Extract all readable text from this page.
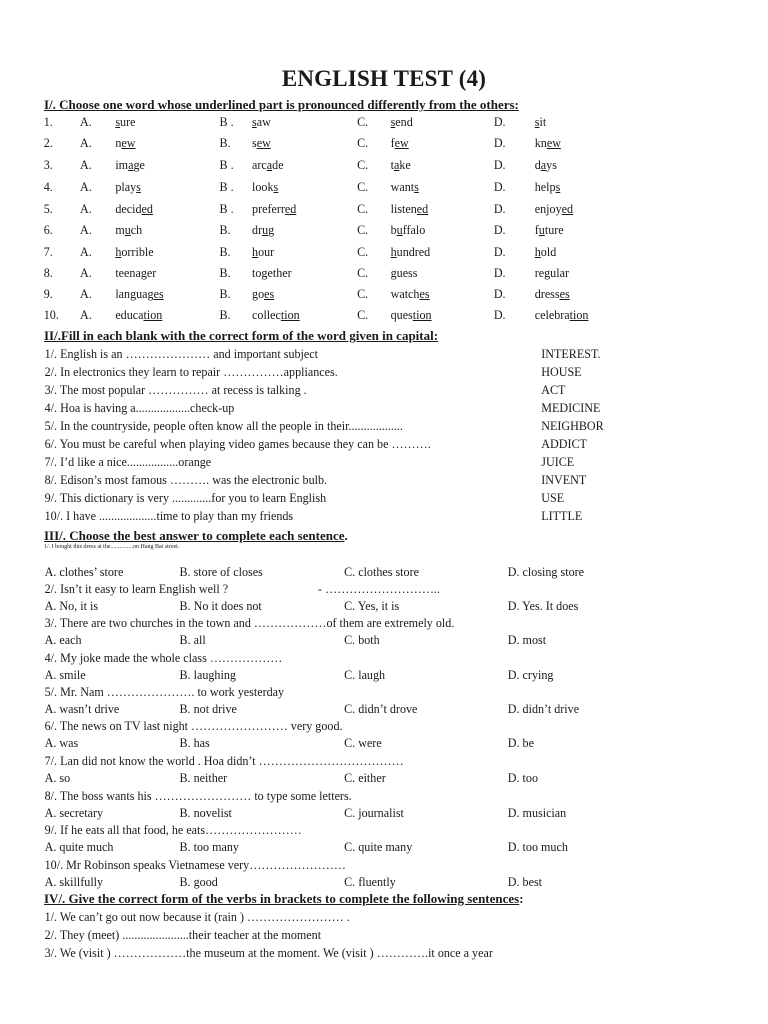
ENGLISH TEST (4)
I/. Choose one word whose underlined part is pronounced differently from the others:
1. A. sure	B . saw	C. send	D. sit
2. A. new	B. sew	C. few	D. knew
3. A. image	B . arcade	C. take	D. days
4. A. plays	B . looks	C. wants	D. helps
5. A. decided	B . preferred	C. listened	D. enjoyed
6. A. much	B. drug	C. buffalo	D. future
7. A. horrible	B. hour	C. hundred	D. hold
8. A. teenager	B. together	C. guess	D. regular
9. A. languages	B. goes	C. watches	D. dresses
10. A. education	B. collection	C. question	D. celebration
II/.Fill in each blank with the correct form of the word given in capital:
1/. English is an ………………… and important subject	INTEREST.
2/. In electronics they learn to repair ……………appliances.	HOUSE
3/. The most popular …………… at recess is talking .	ACT
4/. Hoa is having a..................check-up	MEDICINE
5/. In the countryside, people often know all the people in their..................	NEIGHBOR
6/. You must be careful when playing video games because they can be ……….	ADDICT
7/. I’d like a nice.................orange	JUICE
8/. Edison’s most famous ………. was the electronic bulb.	INVENT
9/. This dictionary is very .............for you to learn English	USE
10/. I have ...................time to play than my friends	LITTLE
III/. Choose the best answer to complete each sentence.
1/. I bought this dress at the...............on Hang Bai street.
A. clothes’ store	B. store of closes	C. clothes store	D. closing store
2/. Isn’t it easy to learn English well ?	- ………………………..
A. No, it is	B. No it does not	C. Yes, it is	D. Yes. It does
3/. There are two churches in the town and ………………of them are extremely old.
A. each	B. all	C. both	D. most
4/. My joke made the whole class ………………
A. smile	B. laughing	C. laugh	D. crying
5/. Mr. Nam …………………. to work yesterday
A. wasn’t drive	B. not drive	C. didn’t drove	D. didn’t drive
6/. The news on TV last night …………………… very good.
A. was	B. has	C. were	D. be
7/. Lan did not know the world . Hoa didn’t ………………………………
A. so	B. neither	C. either	D. too
8/. The boss wants his …………………… to type some letters.
A. secretary	B. novelist	C. journalist	D. musician
9/. If he eats all that food, he eats……………………
A. quite much	B. too many	C. quite many	D. too much
10/. Mr Robinson speaks Vietnamese very……………………
A. skillfully	B. good	C. fluently	D. best
IV/. Give the correct form of the verbs in brackets to complete the following sentences:
1/. We can’t go out now because it (rain ) …………………… .
2/. They (meet) ......................their teacher at the moment
3/. We (visit ) ………………the museum at the moment. We (visit ) ………….it once a year
